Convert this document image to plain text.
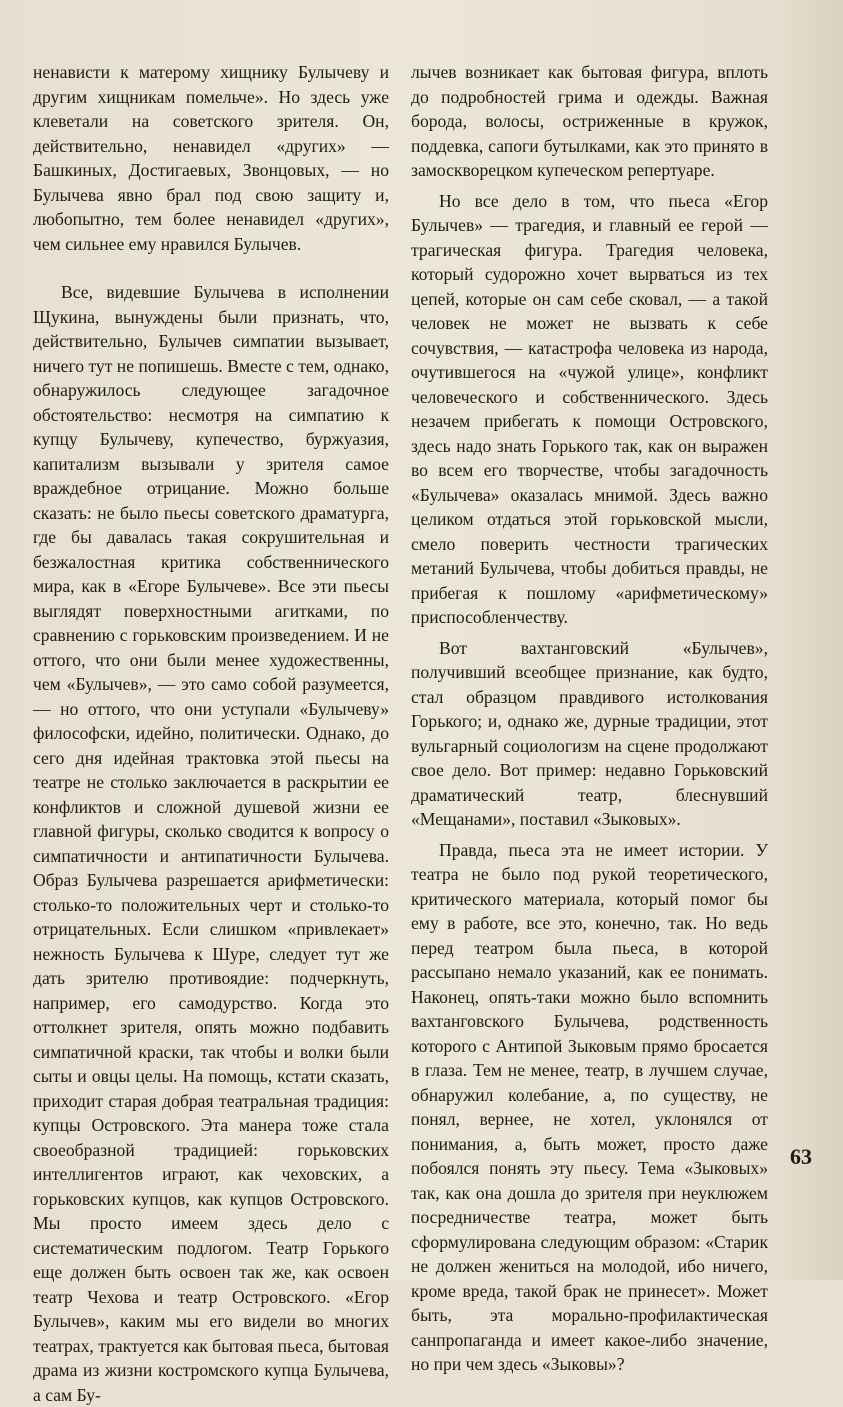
ненависти к матерому хищнику Булычеву и другим хищникам помельче». Но здесь уже клеветали на советского зрителя. Он, действительно, ненавидел «других» — Башкиных, Достигаевых, Звонцовых, — но Булычева явно брал под свою защиту и, любопытно, тем более ненавидел «других», чем сильнее ему нравился Булычев.

Все, видевшие Булычева в исполнении Щукина, вынуждены были признать, что, действительно, Булычев симпатии вызывает, ничего тут не попишешь. Вместе с тем, однако, обнаружилось следующее загадочное обстоятельство: несмотря на симпатию к купцу Булычеву, купечество, буржуазия, капитализм вызывали у зрителя самое враждебное отрицание. Можно больше сказать: не было пьесы советского драматурга, где бы давалась такая сокрушительная и безжалостная критика собственнического мира, как в «Егоре Булычеве». Все эти пьесы выглядят поверхностными агитками, по сравнению с горьковским произведением. И не оттого, что они были менее художественны, чем «Булычев», — это само собой разумеется, — но оттого, что они уступали «Булычеву» философски, идейно, политически. Однако, до сего дня идейная трактовка этой пьесы на театре не столько заключается в раскрытии ее конфликтов и сложной душевой жизни ее главной фигуры, сколько сводится к вопросу о симпатичности и антипатичности Булычева. Образ Булычева разрешается арифметически: столько-то положительных черт и столько-то отрицательных. Если слишком «привлекает» нежность Булычева к Шуре, следует тут же дать зрителю противоядие: подчеркнуть, например, его самодурство. Когда это оттолкнет зрителя, опять можно подбавить симпатичной краски, так чтобы и волки были сыты и овцы целы. На помощь, кстати сказать, приходит старая добрая театральная традиция: купцы Островского. Эта манера тоже стала своеобразной традицией: горьковских интеллигентов играют, как чеховских, а горьковских купцов, как купцов Островского. Мы просто имеем здесь дело с систематическим подлогом. Театр Горького еще должен быть освоен так же, как освоен театр Чехова и театр Островского. «Егор Булычев», каким мы его видели во многих театрах, трактуется как бытовая пьеса, бытовая драма из жизни костромского купца Булычева, а сам Бу-

лычев возникает как бытовая фигура, вплоть до подробностей грима и одежды. Важная борода, волосы, остриженные в кружок, поддевка, сапоги бутылками, как это принято в замоскворецком купеческом репертуаре.

Но все дело в том, что пьеса «Егор Булычев» — трагедия, и главный ее герой — трагическая фигура. Трагедия человека, который судорожно хочет вырваться из тех цепей, которые он сам себе сковал, — а такой человек не может не вызвать к себе сочувствия, — катастрофа человека из народа, очутившегося на «чужой улице», конфликт человеческого и собственнического. Здесь незачем прибегать к помощи Островского, здесь надо знать Горького так, как он выражен во всем его творчестве, чтобы загадочность «Булычева» оказалась мнимой. Здесь важно целиком отдаться этой горьковской мысли, смело поверить честности трагических метаний Булычева, чтобы добиться правды, не прибегая к пошлому «арифметическому» приспособленчеству.

Вот вахтанговский «Булычев», получивший всеобщее признание, как будто, стал образцом правдивого истолкования Горького; и, однако же, дурные традиции, этот вульгарный социологизм на сцене продолжают свое дело. Вот пример: недавно Горьковский драматический театр, блеснувший «Мещанами», поставил «Зыковых».

Правда, пьеса эта не имеет истории. У театра не было под рукой теоретического, критического материала, который помог бы ему в работе, все это, конечно, так. Но ведь перед театром была пьеса, в которой рассыпано немало указаний, как ее понимать. Наконец, опять-таки можно было вспомнить вахтанговского Булычева, родственность которого с Антипой Зыковым прямо бросается в глаза. Тем не менее, театр, в лучшем случае, обнаружил колебание, а, по существу, не понял, вернее, не хотел, уклонялся от понимания, а, быть может, просто даже побоялся понять эту пьесу. Тема «Зыковых» так, как она дошла до зрителя при неуклюжем посредничестве театра, может быть сформулирована следующим образом: «Старик не должен жениться на молодой, ибо ничего, кроме вреда, такой брак не принесет». Может быть, эта морально-профилактическая санпропаганда и имеет какое-либо значение, но при чем здесь «Зыковы»?

63
